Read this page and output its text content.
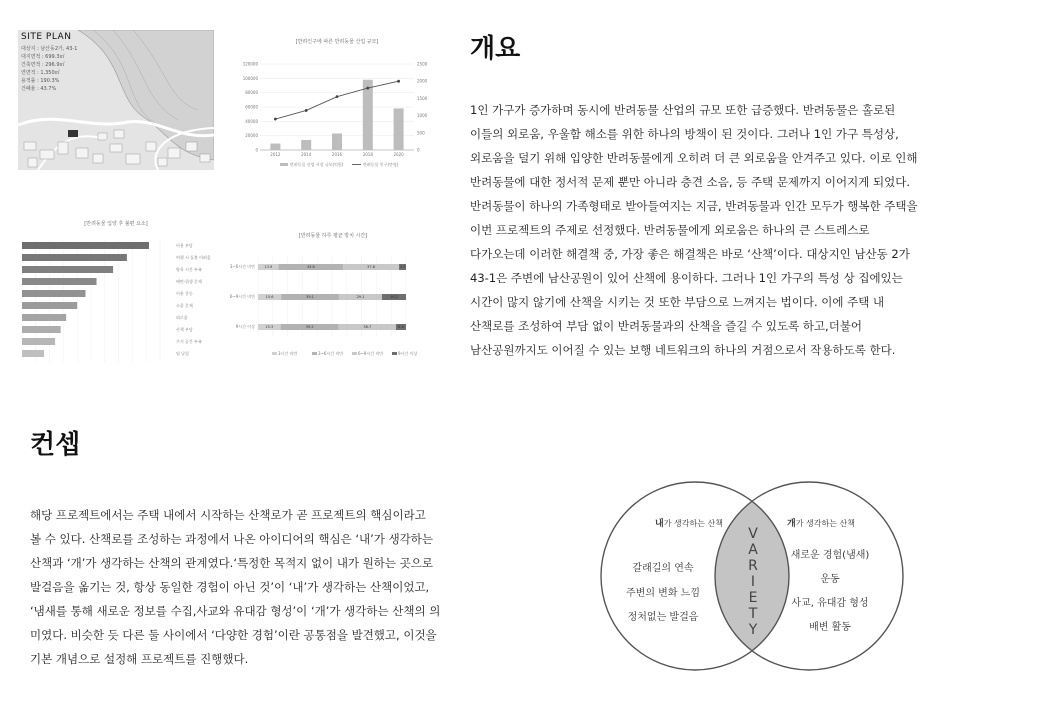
SITE PLAN
대상지 : 남산동2가, 43-1
대지면적 : 699.3㎡
건축면적 : 296.9㎡
연면적 : 1,350㎡
용적률 : 190.3%
건폐율 : 43.7%
[반려인구에 따른 반려동물 산업 규모]
0
20000
40000
60000
80000
100000
120000
0
500
1000
1500
2000
2500
2012	2014	2016	2018	2020
반려동물 산업 시장 규모(억원)	반려동물 인구(만명)
[반려동물 입양 후 불편 요소]
비용 부담
여행 시 돌봄 어려움
양육 시간 부족
배변·위생 문제
이웃 갈등
소음 문제
외로움
산책 부담
주거 공간 부족
털 날림
[반려동물 하루 평균 방치 시간]
3~6시간 미만	13.9	43.6	37.8	4.7
6~9시간 미만	15.6	39.1	29.1	16.2
9시간 이상	15.3	39.2	38.7	6.8
3시간 미만	3~6시간 미만	6~9시간 미만	9시간 이상
개요
1인 가구가 증가하며 동시에 반려동물 산업의 규모 또한 급증했다. 반려동물은 홀로된
이들의 외로움, 우울함 해소를 위한 하나의 방책이 된 것이다. 그러나 1인 가구 특성상,
외로움을 덜기 위해 입양한 반려동물에게 오히려 더 큰 외로움을 안겨주고 있다. 이로 인해
반려동물에 대한 정서적 문제 뿐만 아니라 층견 소음, 등 주택 문제까지 이어지게 되었다.
반려동물이 하나의 가족형태로 받아들여지는 지금, 반려동물과 인간 모두가 행복한 주택을
이번 프로젝트의 주제로 선정했다. 반려동물에게 외로움은 하나의 큰 스트레스로
다가오는데 이러한 해결책 중, 가장 좋은 해결책은 바로 ‘산책’이다. 대상지인 남산동 2가
43-1은 주변에 남산공원이 있어 산책에 용이하다. 그러나 1인 가구의 특성 상 집에있는
시간이 많지 않기에 산책을 시키는 것 또한 부담으로 느껴지는 법이다. 이에 주택 내
산책로를 조성하여 부담 없이 반려동물과의 산책을 즐길 수 있도록 하고,더불어
남산공원까지도 이어질 수 있는 보행 네트워크의 하나의 거점으로서 작용하도록 한다.
컨셉
해당 프로젝트에서는 주택 내에서 시작하는 산책로가 곧 프로젝트의 핵심이라고
볼 수 있다. 산책로를 조성하는 과정에서 나온 아이디어의 핵심은 ‘내’가 생각하는
산책과 ‘개’가 생각하는 산책의 관계였다.‘특정한 목적지 없이 내가 원하는 곳으로
발걸음을 옮기는 것, 항상 동일한 경험이 아닌 것’이 ‘내’가 생각하는 산책이었고,
‘냄새를 통해 새로운 정보를 수집,사교와 유대감 형성’이 ‘개’가 생각하는 산책의 의
미였다. 비슷한 듯 다른 둘 사이에서 ‘다양한 경험’이란 공통점을 발견했고, 이것을
기본 개념으로 설정해 프로젝트를 진행했다.
내가 생각하는 산책	개가 생각하는 산책
갈래길의 연속
주변의 변화 느낌
정처없는 발걸음
새로운 경험(냄새)
운동
사교, 유대감 형성
배변 활동
V
A
R
I
E
T
Y
